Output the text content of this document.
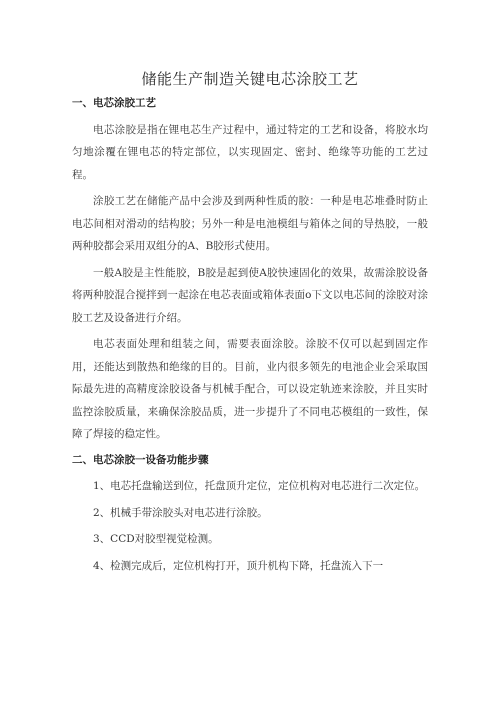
储能生产制造关键电芯涂胶工艺
一、电芯涂胶工艺

电芯涂胶是指在锂电芯生产过程中，通过特定的工艺和设备，将胶水均匀地涂覆在锂电芯的特定部位，以实现固定、密封、绝缘等功能的工艺过程。

涂胶工艺在储能产品中会涉及到两种性质的胶：一种是电芯堆叠时防止电芯间相对滑动的结构胶；另外一种是电池模组与箱体之间的导热胶，一般两种胶都会采用双组分的A、B胶形式使用。

一般A胶是主性能胶，B胶是起到使A胶快速固化的效果，故需涂胶设备将两种胶混合搅拌到一起涂在电芯表面或箱体表面o下文以电芯间的涂胶对涂胶工艺及设备进行介绍。

电芯表面处理和组装之间，需要表面涂胶。涂胶不仅可以起到固定作用，还能达到散热和绝缘的目的。目前，业内很多领先的电池企业会采取国际最先进的高精度涂胶设备与机械手配合，可以设定轨迹来涂胶，并且实时监控涂胶质量，来确保涂胶品质，进一步提升了不同电芯模组的一致性，保障了焊接的稳定性。

二、电芯涂胶一设备功能步骤

1、电芯托盘输送到位，托盘顶升定位，定位机构对电芯进行二次定位。

2、机械手带涂胶头对电芯进行涂胶。

3、CCD对胶型视觉检测。

4、检测完成后，定位机构打开，顶升机构下降，托盘流入下一
